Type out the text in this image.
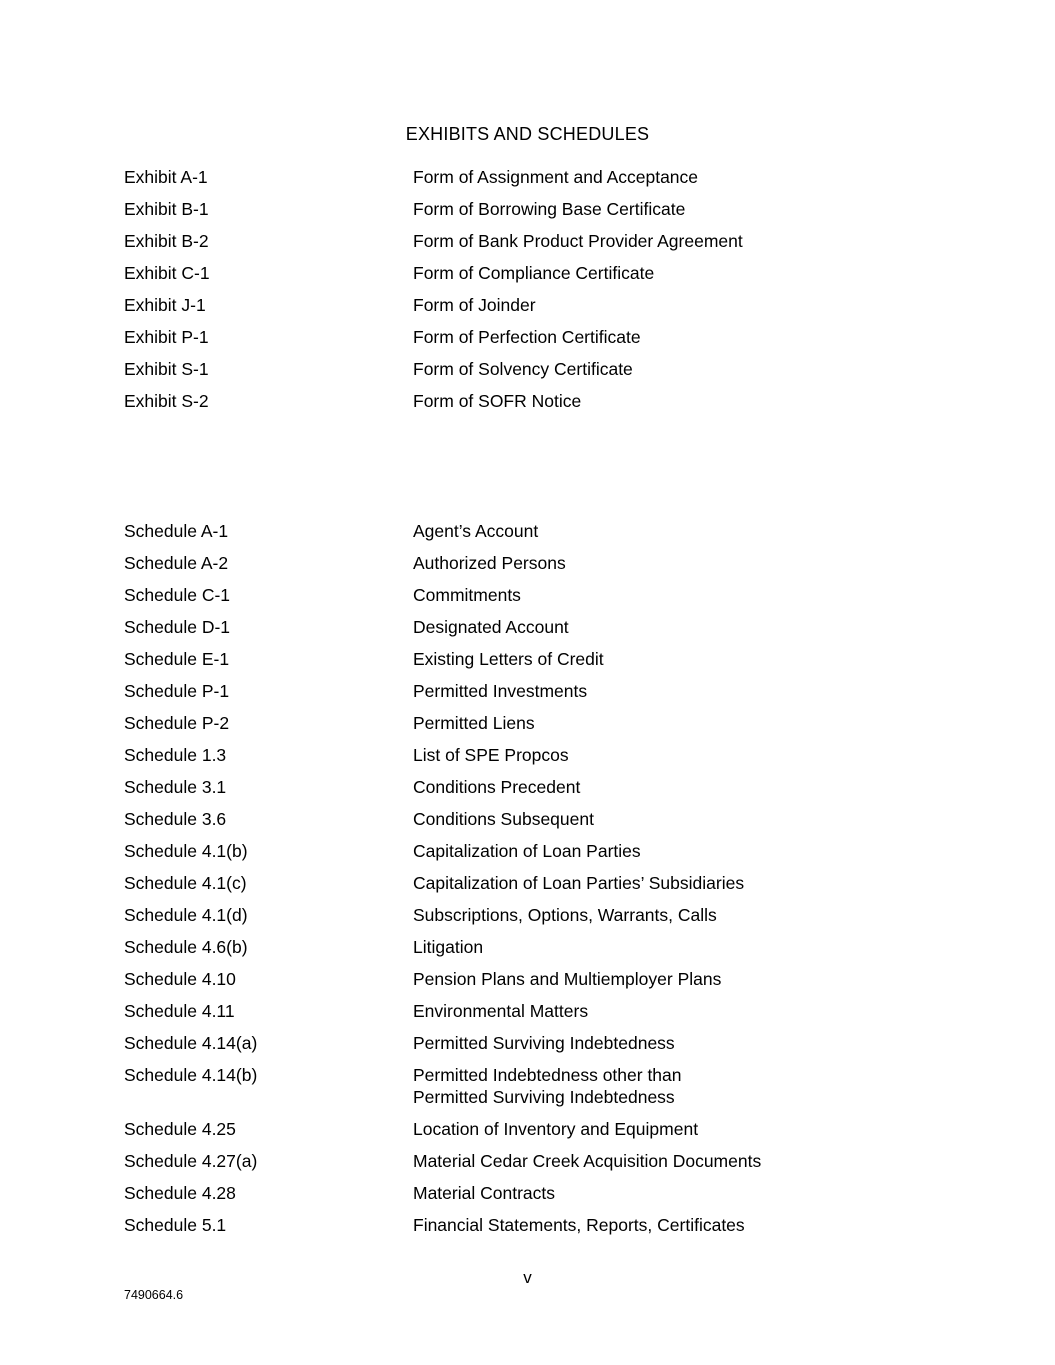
EXHIBITS AND SCHEDULES
Exhibit A-1	Form of Assignment and Acceptance
Exhibit B-1	Form of Borrowing Base Certificate
Exhibit B-2	Form of Bank Product Provider Agreement
Exhibit C-1	Form of Compliance Certificate
Exhibit J-1	Form of Joinder
Exhibit P-1	Form of Perfection Certificate
Exhibit S-1	Form of Solvency Certificate
Exhibit S-2	Form of SOFR Notice
Schedule A-1	Agent’s Account
Schedule A-2	Authorized Persons
Schedule C-1	Commitments
Schedule D-1	Designated Account
Schedule E-1	Existing Letters of Credit
Schedule P-1	Permitted Investments
Schedule P-2	Permitted Liens
Schedule 1.3	List of SPE Propcos
Schedule 3.1	Conditions Precedent
Schedule 3.6	Conditions Subsequent
Schedule 4.1(b)	Capitalization of Loan Parties
Schedule 4.1(c)	Capitalization of Loan Parties’ Subsidiaries
Schedule 4.1(d)	Subscriptions, Options, Warrants, Calls
Schedule 4.6(b)	Litigation
Schedule 4.10	Pension Plans and Multiemployer Plans
Schedule 4.11	Environmental Matters
Schedule 4.14(a)	Permitted Surviving Indebtedness
Schedule 4.14(b)	Permitted Indebtedness other than Permitted Surviving Indebtedness
Schedule 4.25	Location of Inventory and Equipment
Schedule 4.27(a)	Material Cedar Creek Acquisition Documents
Schedule 4.28	Material Contracts
Schedule 5.1	Financial Statements, Reports, Certificates
v
7490664.6
